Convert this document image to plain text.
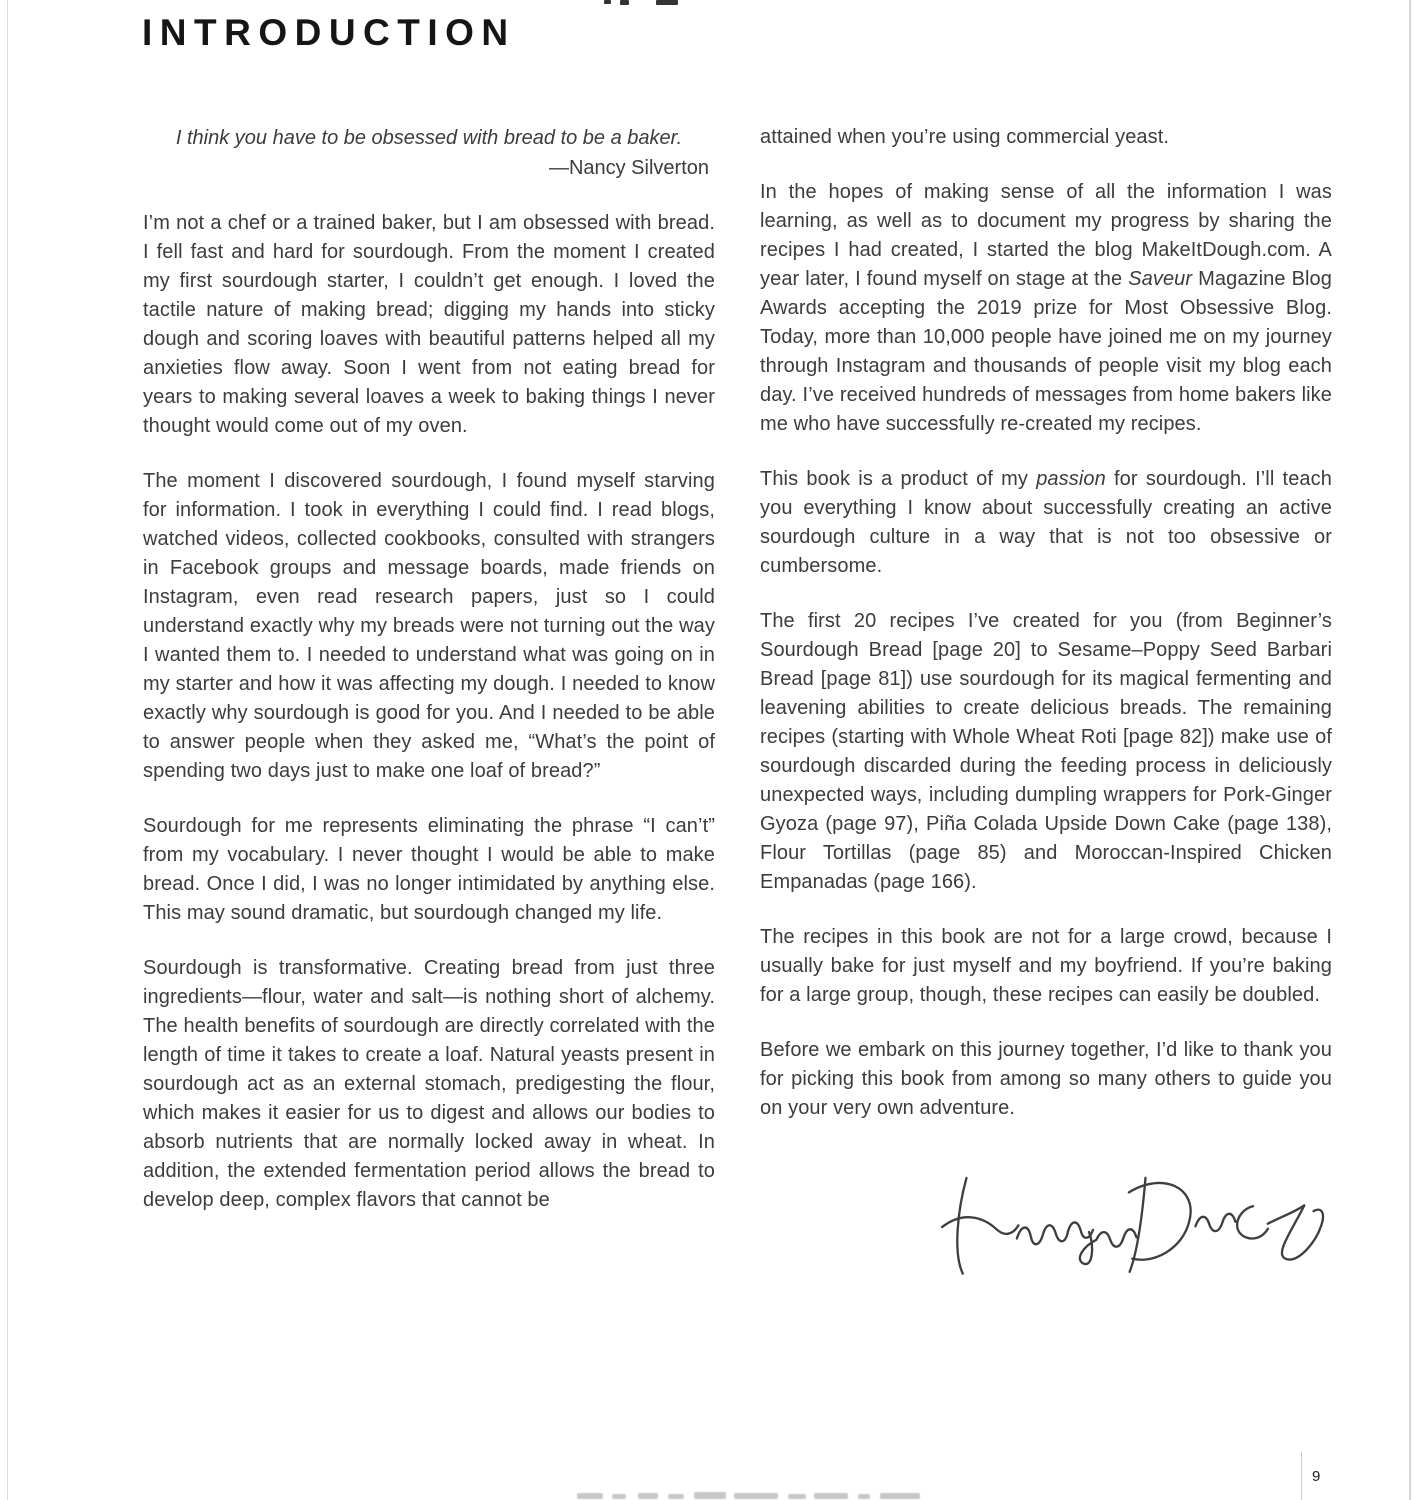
INTRODUCTION
I think you have to be obsessed with bread to be a baker.
—Nancy Silverton

I’m not a chef or a trained baker, but I am obsessed with bread. I fell fast and hard for sourdough. From the moment I created my first sourdough starter, I couldn’t get enough. I loved the tactile nature of making bread; digging my hands into sticky dough and scoring loaves with beautiful patterns helped all my anxieties flow away. Soon I went from not eating bread for years to making several loaves a week to baking things I never thought would come out of my oven.

The moment I discovered sourdough, I found myself starving for information. I took in everything I could find. I read blogs, watched videos, collected cookbooks, consulted with strangers in Facebook groups and message boards, made friends on Instagram, even read research papers, just so I could understand exactly why my breads were not turning out the way I wanted them to. I needed to understand what was going on in my starter and how it was affecting my dough. I needed to know exactly why sourdough is good for you. And I needed to be able to answer people when they asked me, “What’s the point of spending two days just to make one loaf of bread?”

Sourdough for me represents eliminating the phrase “I can’t” from my vocabulary. I never thought I would be able to make bread. Once I did, I was no longer intimidated by anything else. This may sound dramatic, but sourdough changed my life.

Sourdough is transformative. Creating bread from just three ingredients—flour, water and salt—is nothing short of alchemy. The health benefits of sourdough are directly correlated with the length of time it takes to create a loaf. Natural yeasts present in sourdough act as an external stomach, predigesting the flour, which makes it easier for us to digest and allows our bodies to absorb nutrients that are normally locked away in wheat. In addition, the extended fermentation period allows the bread to develop deep, complex flavors that cannot be

attained when you’re using commercial yeast.

In the hopes of making sense of all the information I was learning, as well as to document my progress by sharing the recipes I had created, I started the blog MakeItDough.com. A year later, I found myself on stage at the Saveur Magazine Blog Awards accepting the 2019 prize for Most Obsessive Blog. Today, more than 10,000 people have joined me on my journey through Instagram and thousands of people visit my blog each day. I’ve received hundreds of messages from home bakers like me who have successfully re-created my recipes.

This book is a product of my passion for sourdough. I’ll teach you everything I know about successfully creating an active sourdough culture in a way that is not too obsessive or cumbersome.

The first 20 recipes I’ve created for you (from Beginner’s Sourdough Bread [page 20] to Sesame–Poppy Seed Barbari Bread [page 81]) use sourdough for its magical fermenting and leavening abilities to create delicious breads. The remaining recipes (starting with Whole Wheat Roti [page 82]) make use of sourdough discarded during the feeding process in deliciously unexpected ways, including dumpling wrappers for Pork-Ginger Gyoza (page 97), Piña Colada Upside Down Cake (page 138), Flour Tortillas (page 85) and Moroccan-Inspired Chicken Empanadas (page 166).

The recipes in this book are not for a large crowd, because I usually bake for just myself and my boyfriend. If you’re baking for a large group, though, these recipes can easily be doubled.

Before we embark on this journey together, I’d like to thank you for picking this book from among so many others to guide you on your very own adventure.

9
